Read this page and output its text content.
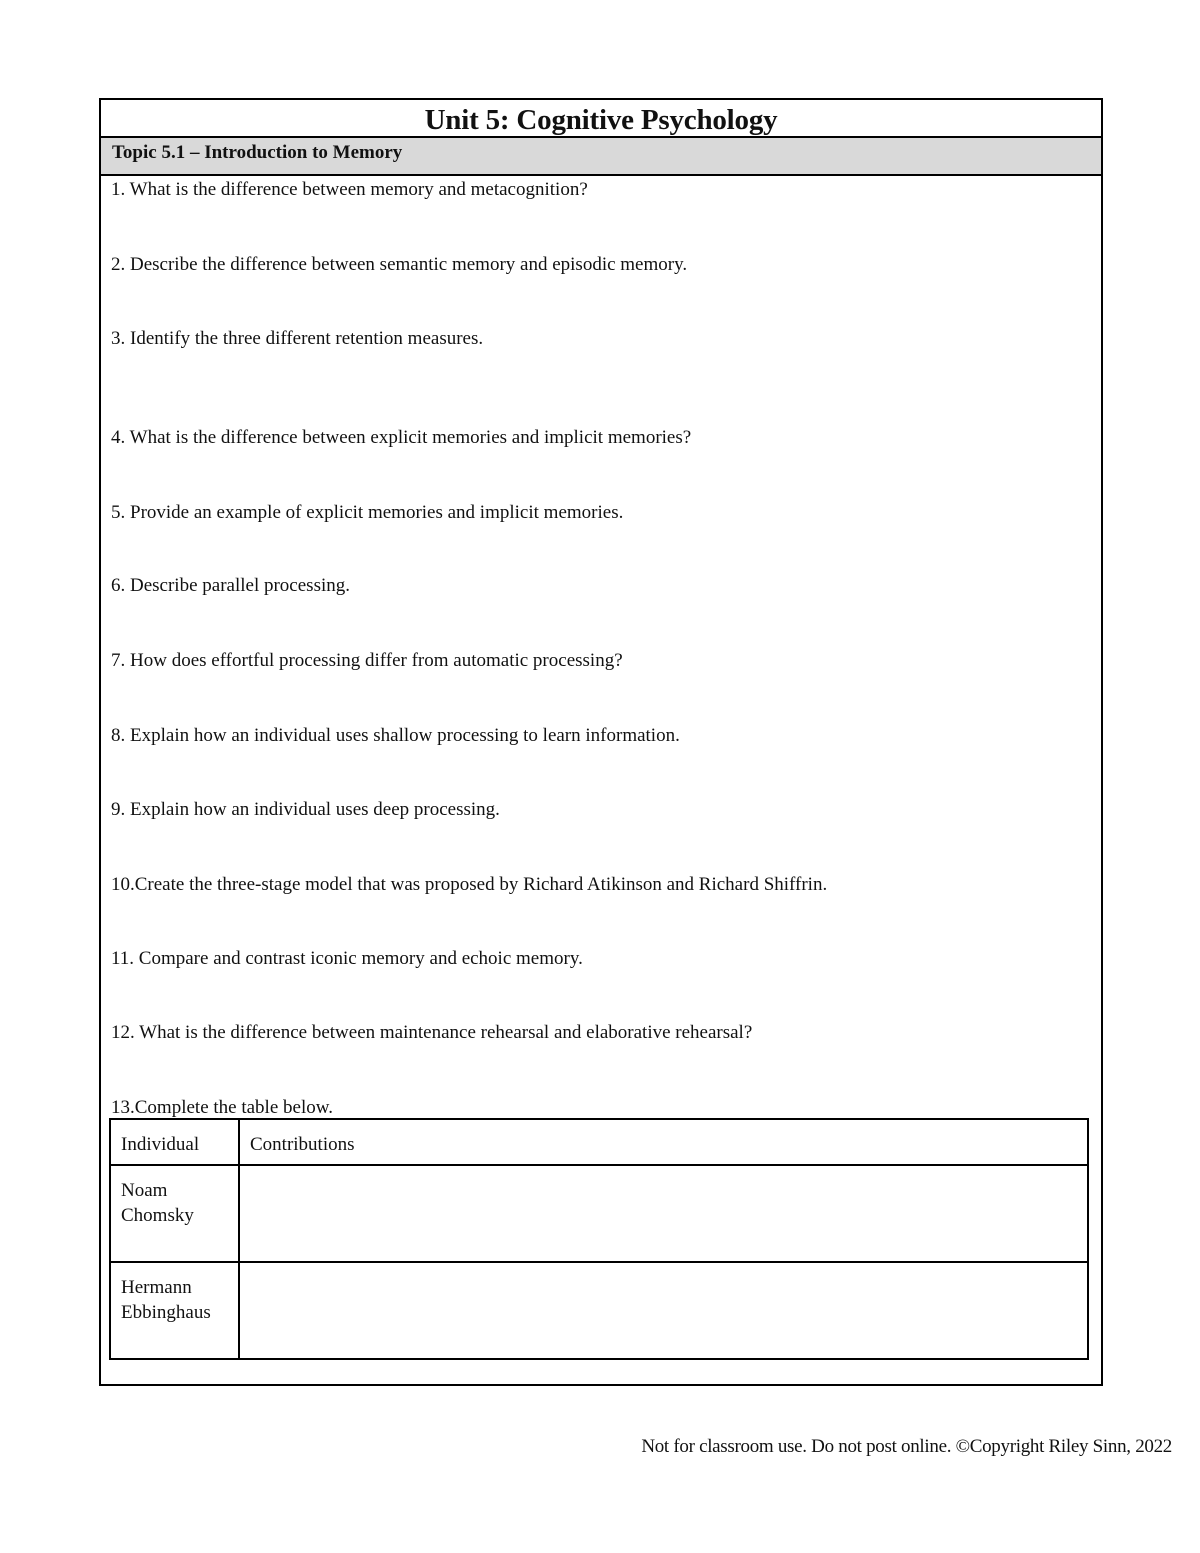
Unit 5: Cognitive Psychology
Topic 5.1 – Introduction to Memory
1. What is the difference between memory and metacognition?
2. Describe the difference between semantic memory and episodic memory.
3. Identify the three different retention measures.
4. What is the difference between explicit memories and implicit memories?
5. Provide an example of explicit memories and implicit memories.
6. Describe parallel processing.
7. How does effortful processing differ from automatic processing?
8. Explain how an individual uses shallow processing to learn information.
9. Explain how an individual uses deep processing.
10.Create the three-stage model that was proposed by Richard Atikinson and Richard Shiffrin.
11. Compare and contrast iconic memory and echoic memory.
12. What is the difference between maintenance rehearsal and elaborative rehearsal?
13.Complete the table below.
Individual	Contributions
Noam Chomsky	
Hermann Ebbinghaus	
Not for classroom use. Do not post online. ©Copyright Riley Sinn, 2022
